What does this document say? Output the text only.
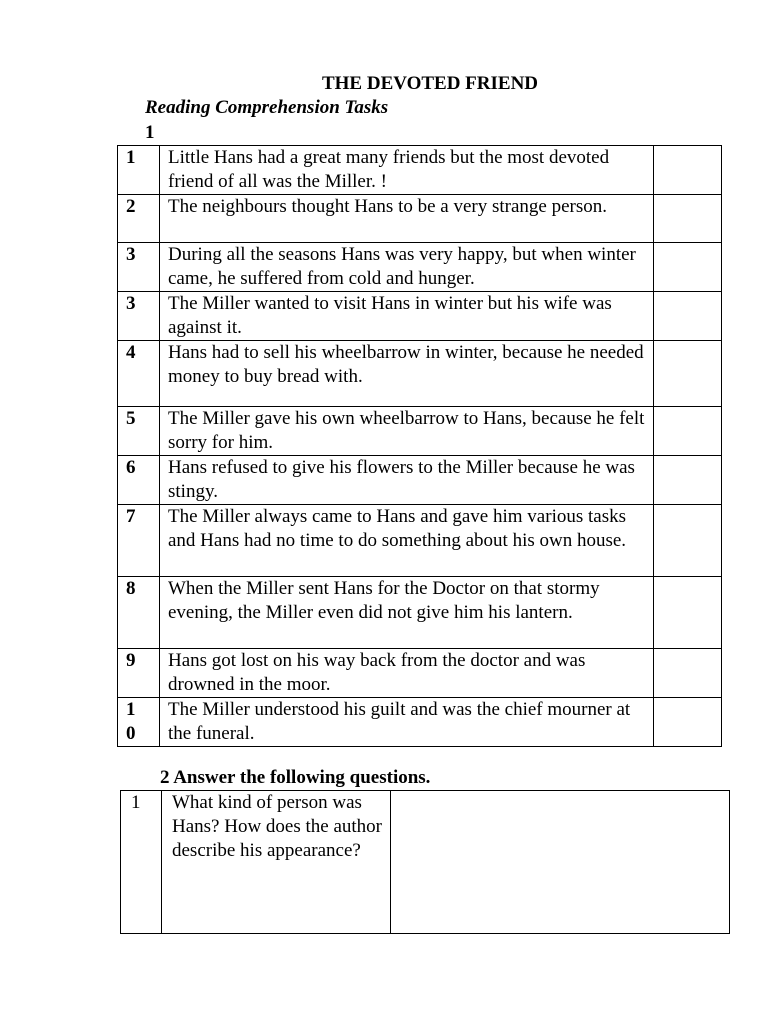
THE DEVOTED FRIEND
Reading Comprehension Tasks
1
1	Little Hans had a great many friends but the most devoted friend of all was the Miller. !	
2	The neighbours thought Hans to be a very strange person.	
3	During all the seasons Hans was very happy, but when winter came, he suffered from cold and hunger.	
3	The Miller wanted to visit Hans in winter but his wife was against it.	
4	Hans had to sell his wheelbarrow in winter, because he needed money to buy bread with.	
5	The Miller gave his own wheelbarrow to Hans, because he felt sorry for him.	
6	Hans refused to give his flowers to the Miller because he was stingy.	
7	The Miller always came to Hans and gave him various tasks and Hans had no time to do something about his own house.	
8	When the Miller sent Hans for the Doctor on that stormy evening, the Miller even did not give him his lantern.	
9	Hans got lost on his way back from the doctor and was drowned in the moor.	

10	The Miller understood his guilt and was the chief mourner at the funeral.	
2 Answer the following questions.
1	What kind of person was Hans? How does the author describe his appearance?	
